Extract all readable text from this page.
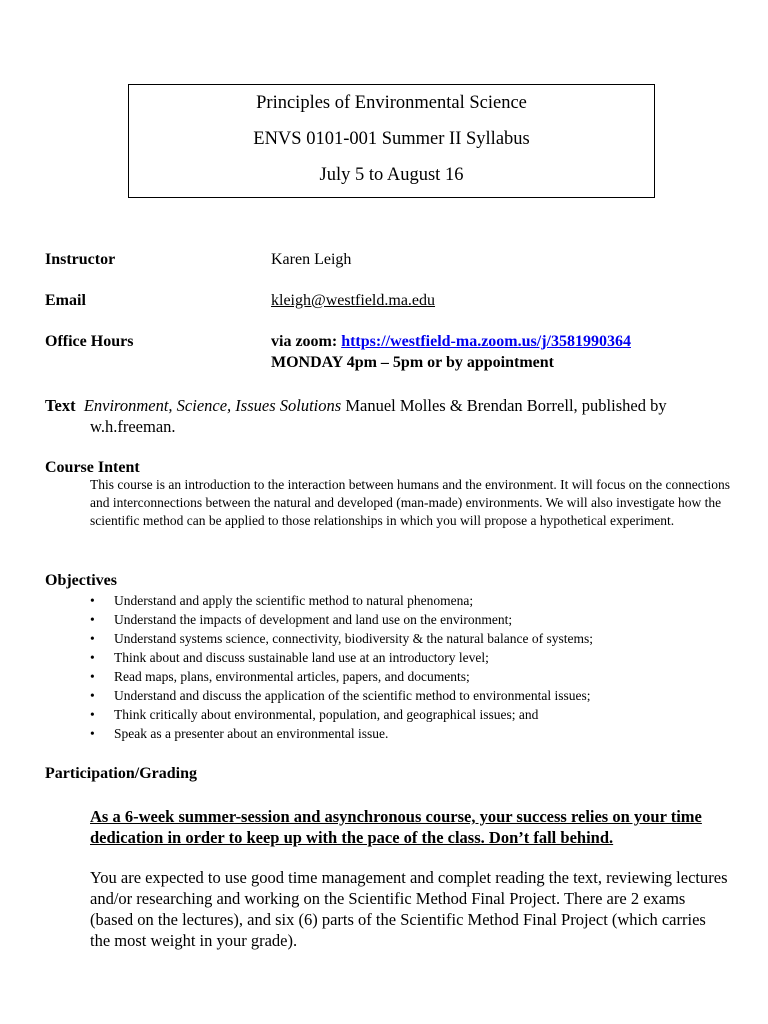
Principles of Environmental Science
ENVS 0101-001 Summer II Syllabus
July 5 to August 16
Instructor	Karen Leigh
Email	kleigh@westfield.ma.edu
Office Hours	via zoom: https://westfield-ma.zoom.us/j/3581990364
MONDAY 4pm – 5pm or by appointment
Text Environment, Science, Issues Solutions Manuel Molles & Brendan Borrell, published by
w.h.freeman.
Course Intent
This course is an introduction to the interaction between humans and the environment. It will focus on the connections and interconnections between the natural and developed (man-made) environments. We will also investigate how the scientific method can be applied to those relationships in which you will propose a hypothetical experiment.
Objectives
• Understand and apply the scientific method to natural phenomena;
• Understand the impacts of development and land use on the environment;
• Understand systems science, connectivity, biodiversity & the natural balance of systems;
• Think about and discuss sustainable land use at an introductory level;
• Read maps, plans, environmental articles, papers, and documents;
• Understand and discuss the application of the scientific method to environmental issues;
• Think critically about environmental, population, and geographical issues; and
• Speak as a presenter about an environmental issue.
Participation/Grading
As a 6-week summer-session and asynchronous course, your success relies on your time dedication in order to keep up with the pace of the class. Don’t fall behind.
You are expected to use good time management and complet reading the text, reviewing lectures and/or researching and working on the Scientific Method Final Project. There are 2 exams (based on the lectures), and six (6) parts of the Scientific Method Final Project (which carries the most weight in your grade).
